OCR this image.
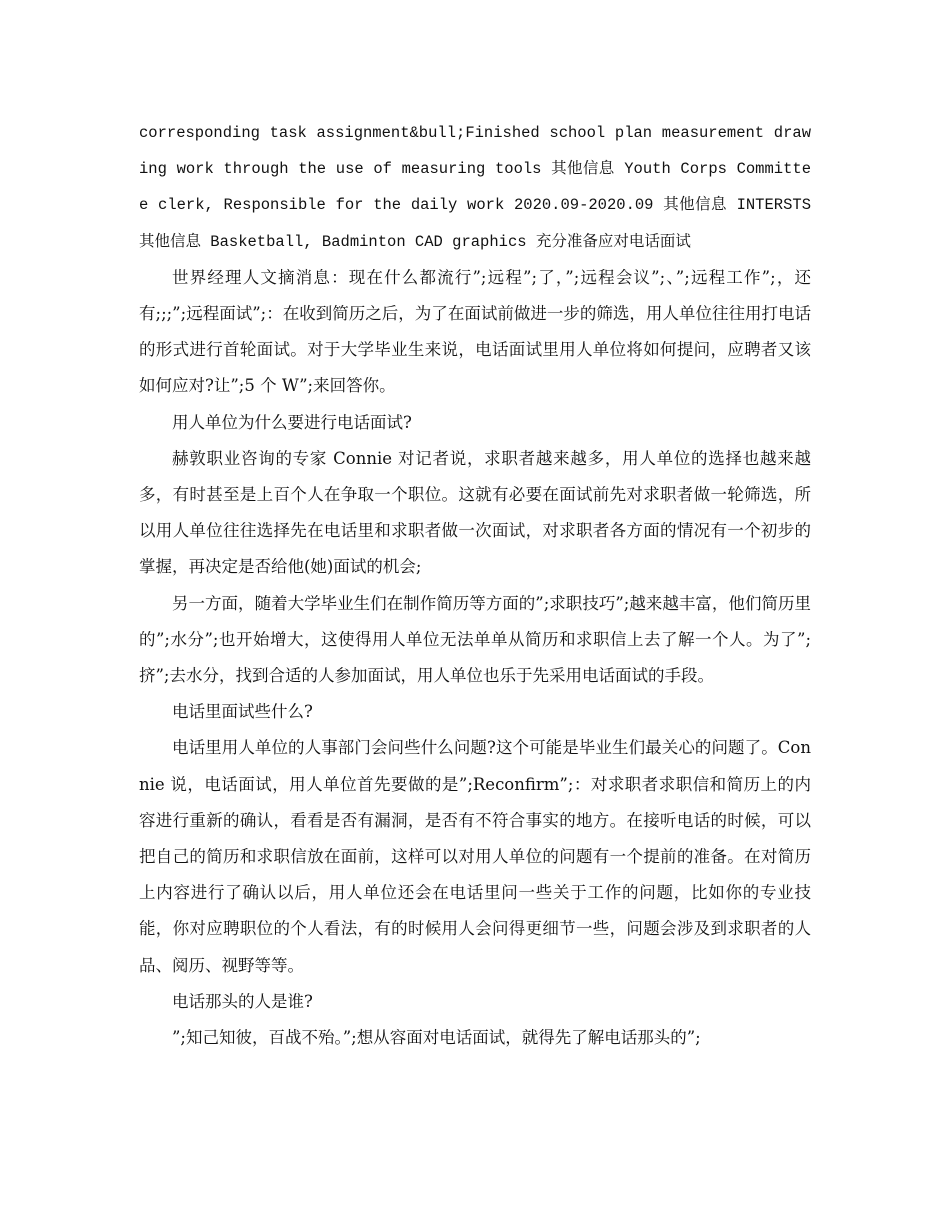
corresponding task assignment&bull;Finished school plan measurement drawing work through the use of measuring tools 其他信息 Youth Corps Committee clerk, Responsible for the daily work 2020.09-2020.09 其他信息 INTERSTS 其他信息 Basketball, Badminton CAD graphics 充分准备应对电话面试

世界经理人文摘消息：现在什么都流行”;远程”;了，”;远程会议”;、”;远程工作”;，还有;;;”;远程面试”;：在收到简历之后，为了在面试前做进一步的筛选，用人单位往往用打电话的形式进行首轮面试。对于大学毕业生来说，电话面试里用人单位将如何提问，应聘者又该如何应对?让”;5 个 W”;来回答你。

用人单位为什么要进行电话面试?

赫敦职业咨询的专家 Connie 对记者说，求职者越来越多，用人单位的选择也越来越多，有时甚至是上百个人在争取一个职位。这就有必要在面试前先对求职者做一轮筛选，所以用人单位往往选择先在电话里和求职者做一次面试，对求职者各方面的情况有一个初步的掌握，再决定是否给他(她)面试的机会;

另一方面，随着大学毕业生们在制作简历等方面的”;求职技巧”;越来越丰富，他们简历里的”;水分”;也开始增大，这使得用人单位无法单单从简历和求职信上去了解一个人。为了”;挤”;去水分，找到合适的人参加面试，用人单位也乐于先采用电话面试的手段。

电话里面试些什么?

电话里用人单位的人事部门会问些什么问题?这个可能是毕业生们最关心的问题了。Connie 说，电话面试，用人单位首先要做的是”;Reconfirm”;：对求职者求职信和简历上的内容进行重新的确认，看看是否有漏洞，是否有不符合事实的地方。在接听电话的时候，可以把自己的简历和求职信放在面前，这样可以对用人单位的问题有一个提前的准备。在对简历上内容进行了确认以后，用人单位还会在电话里问一些关于工作的问题，比如你的专业技能，你对应聘职位的个人看法，有的时候用人会问得更细节一些，问题会涉及到求职者的人品、阅历、视野等等。

电话那头的人是谁?

”;知己知彼，百战不殆。”;想从容面对电话面试，就得先了解电话那头的”;
